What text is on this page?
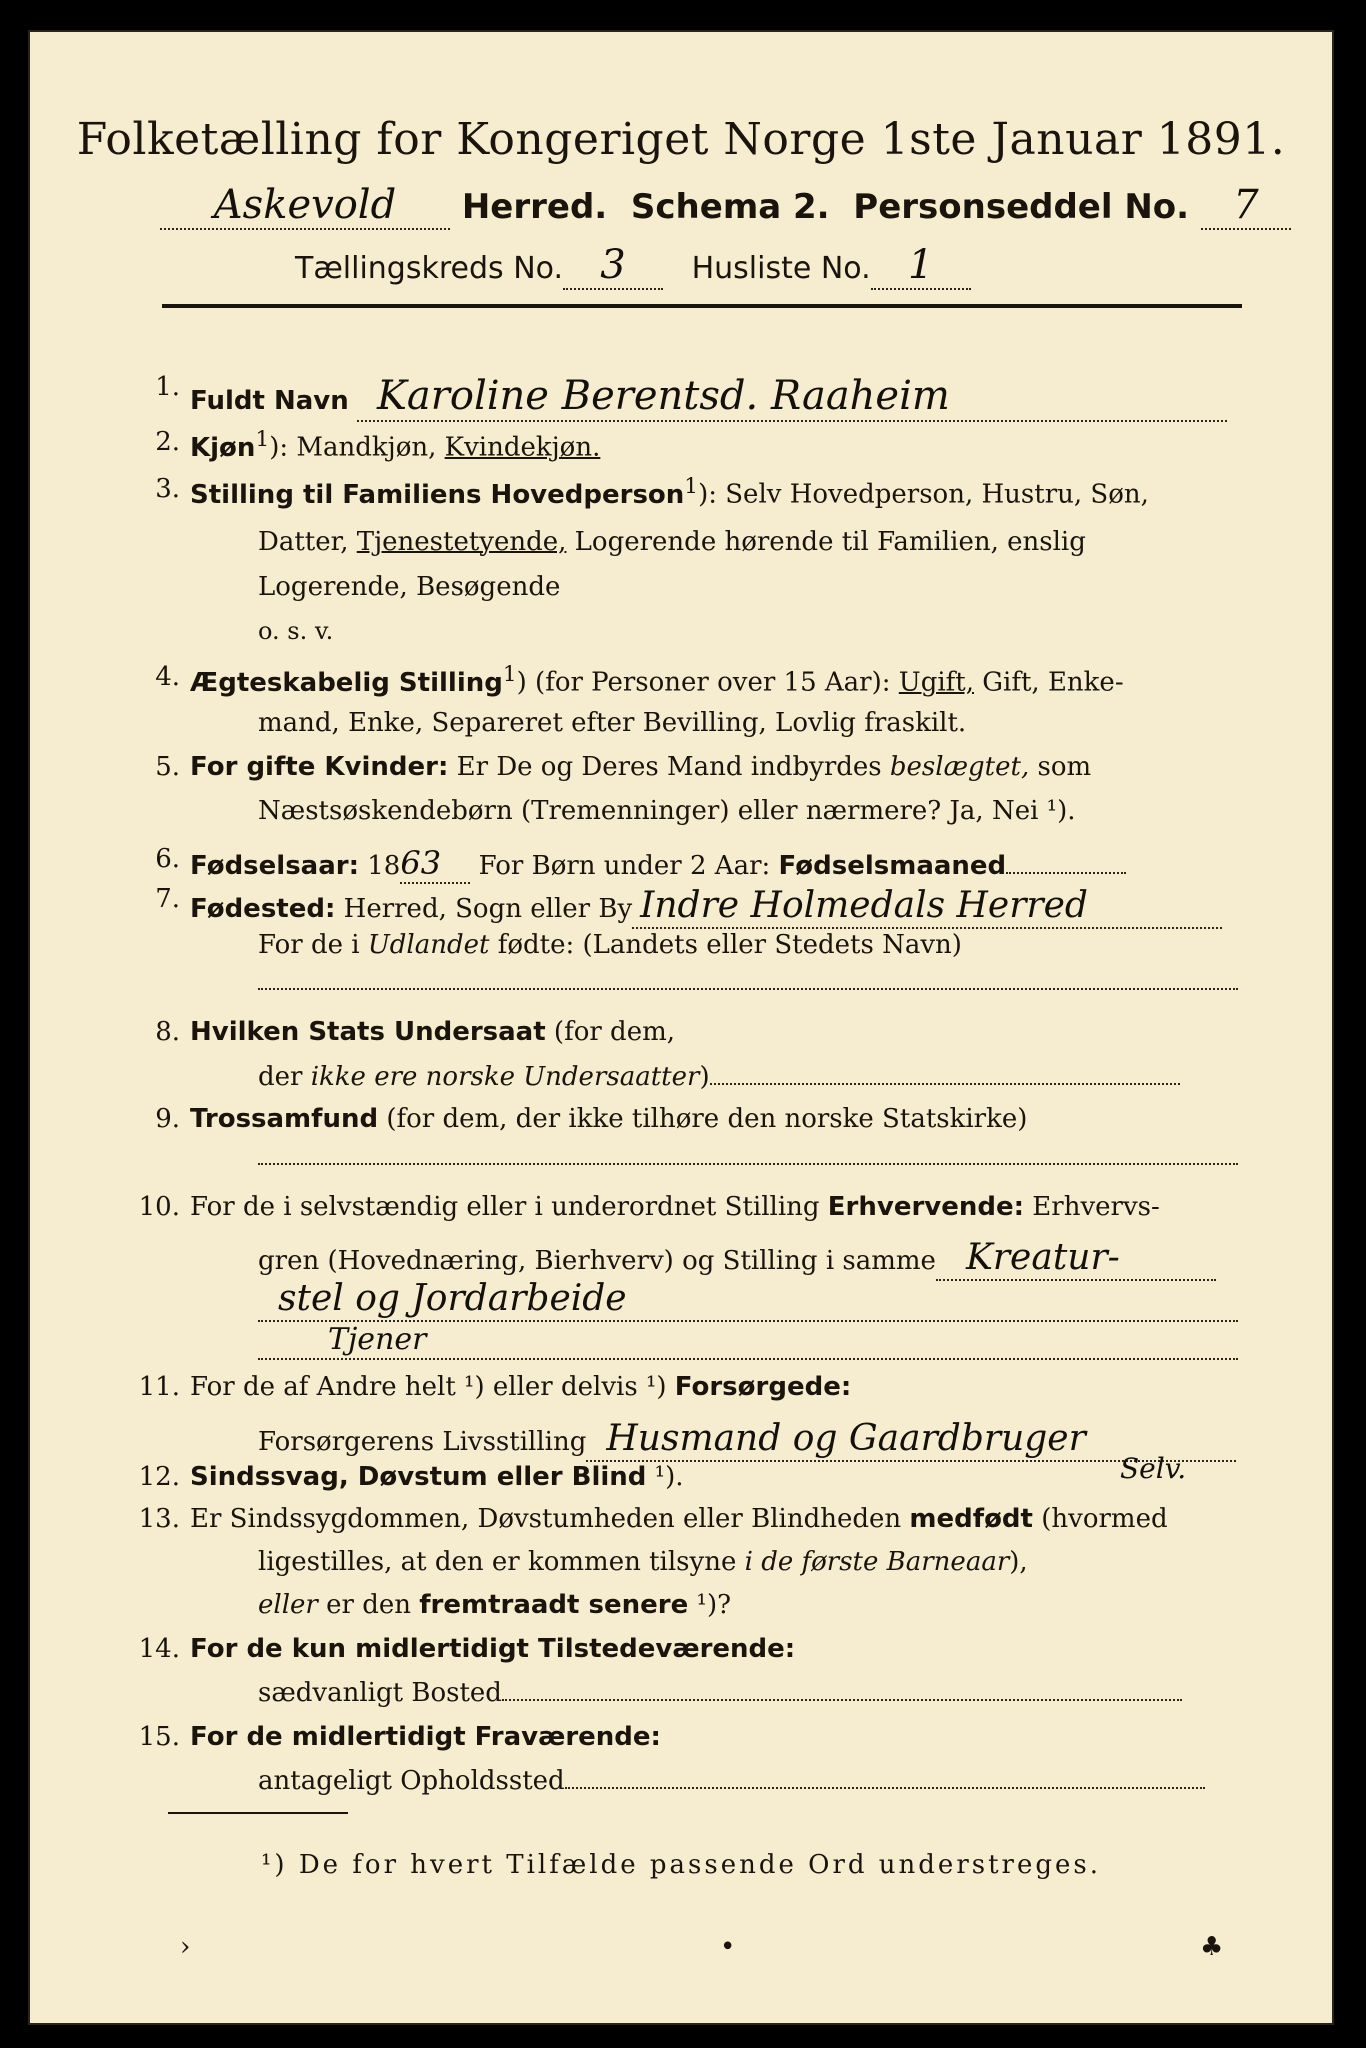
Folketælling for Kongeriget Norge 1ste Januar 1891.
Askevold Herred. Schema 2. Personseddel No. 7
Tællingskreds No. 3 Husliste No. 1
1. Fuldt Navn Karoline Berentsd. Raaheim
2. Kjøn$^1$): Mandkjøn, Kvindekjøn.
3. Stilling til Familiens Hovedperson$^1$): Selv Hovedperson, Hustru, Søn,
Datter, Tjenestetyende, Logerende hørende til Familien, enslig
Logerende, Besøgende
o. s. v.
4. Ægteskabelig Stilling$^1$) (for Personer over 15 Aar): Ugift, Gift, Enke-
mand, Enke, Separeret efter Bevilling, Lovlig fraskilt.
5. For gifte Kvinder: Er De og Deres Mand indbyrdes beslægtet, som
Næstsøskendebørn (Tremenninger) eller nærmere? Ja, Nei ¹).
6. Fødselsaar: 1863 For Børn under 2 Aar: Fødselsmaaned
7. Fødested: Herred, Sogn eller By Indre Holmedals Herred
For de i Udlandet fødte: (Landets eller Stedets Navn)
8. Hvilken Stats Undersaat (for dem,
der ikke ere norske Undersaatter)
9. Trossamfund (for dem, der ikke tilhøre den norske Statskirke)
10. For de i selvstændig eller i underordnet Stilling Erhvervende: Erhvervs-
gren (Hovednæring, Bierhverv) og Stilling i samme Kreatur-
stel og Jordarbeide
Tjener
11. For de af Andre helt ¹) eller delvis ¹) Forsørgede:
Forsørgerens Livsstilling Husmand og Gaardbruger
Selv.
12. Sindssvag, Døvstum eller Blind ¹).
13. Er Sindssygdommen, Døvstumheden eller Blindheden medfødt (hvormed
ligestilles, at den er kommen tilsyne i de første Barneaar),
eller er den fremtraadt senere ¹)?
14. For de kun midlertidigt Tilstedeværende:
sædvanligt Bosted
15. For de midlertidigt Fraværende:
antageligt Opholdssted
¹) De for hvert Tilfælde passende Ord understreges.
›	•	♣
